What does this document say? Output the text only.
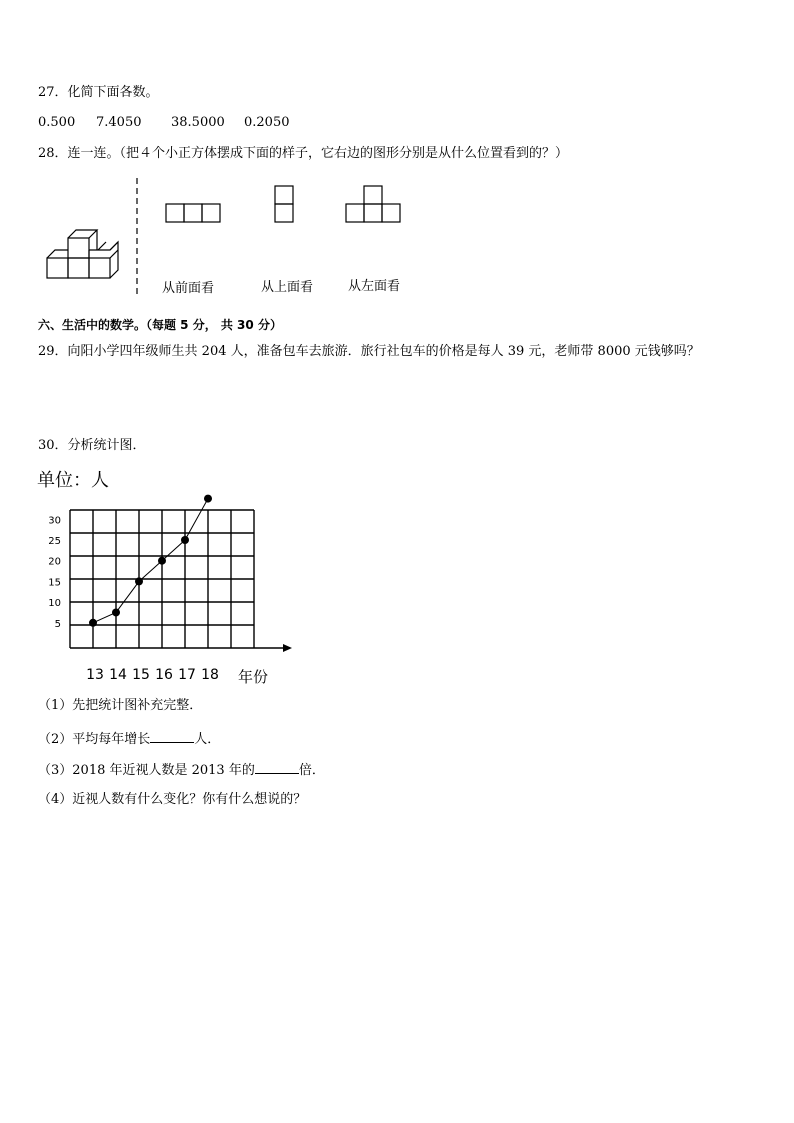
27．化简下面各数。
0.500 7.4050 38.5000 0.2050
28．连一连。（把４个小正方体摆成下面的样子，它右边的图形分别是从什么位置看到的？）
从前面看	从上面看	从左面看
六、生活中的数学。（每题 5 分， 共 30 分）
29．向阳小学四年级师生共 204 人，准备包车去旅游．旅行社包车的价格是每人 39 元，老师带 8000 元钱够吗？
30．分析统计图．
单位：人
5
10
15
20
25
30
13 14 15 16 17 18 年份
（1）先把统计图补充完整．
（2）平均每年增长	人．
（3）2018 年近视人数是 2013 年的	倍．
（4）近视人数有什么变化？你有什么想说的？
